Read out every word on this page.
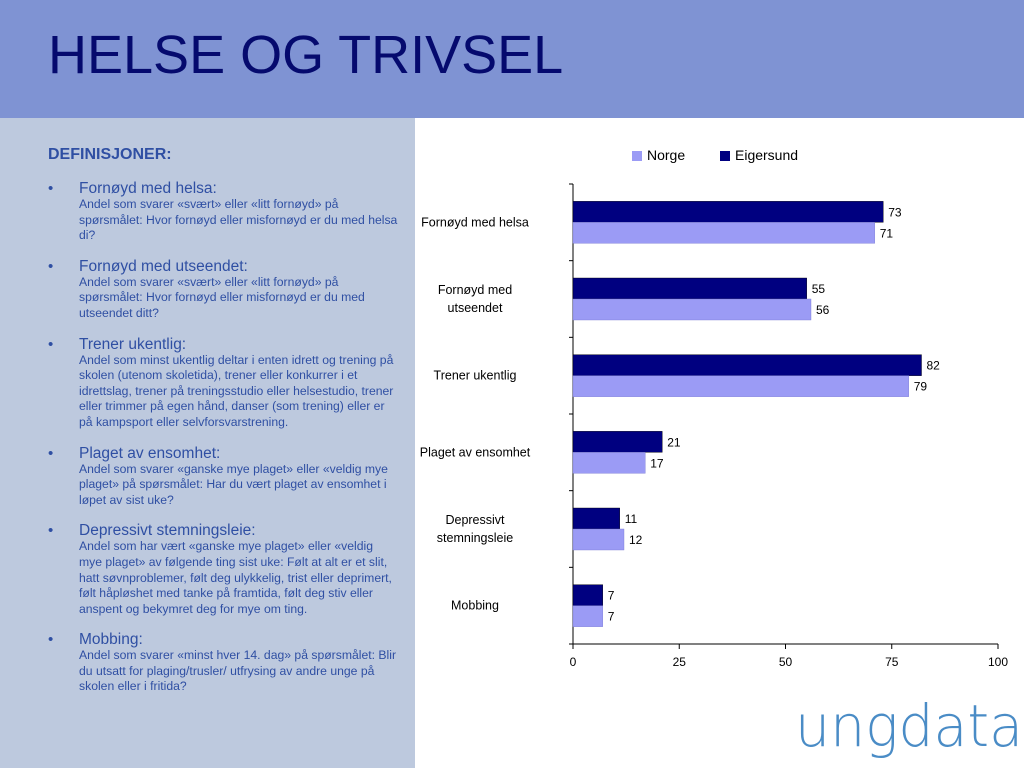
HELSE OG TRIVSEL
DEFINISJONER:
• Fornøyd med helsa:
Andel som svarer «svært» eller «litt fornøyd» på spørsmålet: Hvor fornøyd eller misfornøyd er du med helsa di?
• Fornøyd med utseendet:
Andel som svarer «svært» eller «litt fornøyd» på spørsmålet: Hvor fornøyd eller misfornøyd er du med utseendet ditt?
• Trener ukentlig:
Andel som minst ukentlig deltar i enten idrett og trening på skolen (utenom skoletida), trener eller konkurrer i et idrettslag, trener på treningsstudio eller helsestudio, trener eller trimmer på egen hånd, danser (som trening) eller er på kampsport eller selvforsvarstrening.
• Plaget av ensomhet:
Andel som svarer «ganske mye plaget» eller «veldig mye plaget» på spørsmålet: Har du vært plaget av ensomhet i løpet av sist uke?
• Depressivt stemningsleie:
Andel som har vært «ganske mye plaget» eller «veldig mye plaget» av følgende ting sist uke: Følt at alt er et slit, hatt søvnproblemer, følt deg ulykkelig, trist eller deprimert, følt håpløshet med tanke på framtida, følt deg stiv eller anspent og bekymret deg for mye om ting.
• Mobbing:
Andel som svarer «minst hver 14. dag» på spørsmålet: Blir du utsatt for plaging/trusler/ utfrysing av andre unge på skolen eller i fritida?
0	25	50	75	100
73
71
Fornøyd med helsa
55
56
Fornøyd med
utseendet
82
79
Trener ukentlig
21
17
Plaget av ensomhet
11
12
Depressivt
stemningsleie
7
7
Mobbing
Norge	Eigersund
ungdata
